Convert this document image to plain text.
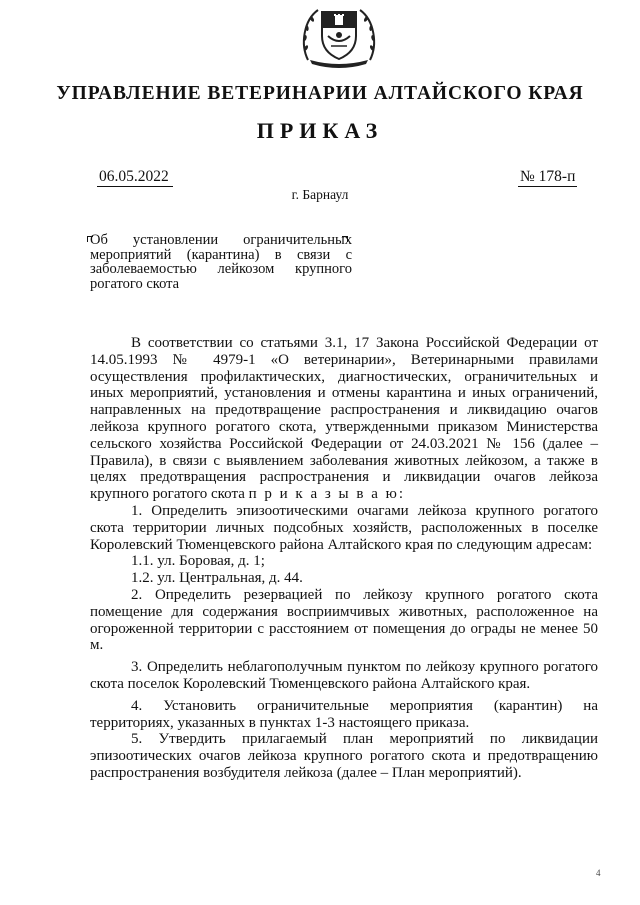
УПРАВЛЕНИЕ ВЕТЕРИНАРИИ АЛТАЙСКОГО КРАЯ
ПРИКАЗ
06.05.2022	№ 178-п
г. Барнаул
Об установлении ограничительных мероприятий (карантина) в связи с заболеваемостью лейкозом крупного рогатого скота

В соответствии со статьями 3.1, 17 Закона Российской Федерации от 14.05.1993 № 4979-1 «О ветеринарии», Ветеринарными правилами осуществления профилактических, диагностических, ограничительных и иных мероприятий, установления и отмены карантина и иных ограничений, направленных на предотвращение распространения и ликвидацию очагов лейкоза крупного рогатого скота, утвержденными приказом Министерства сельского хозяйства Российской Федерации от 24.03.2021 № 156 (далее – Правила), в связи с выявлением заболевания животных лейкозом, а также в целях предотвращения распространения и ликвидации очагов лейкоза крупного рогатого скота п р и к а з ы в а ю:

1. Определить эпизоотическими очагами лейкоза крупного рогатого скота территории личных подсобных хозяйств, расположенных в поселке Королевский Тюменцевского района Алтайского края по следующим адресам:

1.1. ул. Боровая, д. 1;

1.2. ул. Центральная, д. 44.

2. Определить резервацией по лейкозу крупного рогатого скота помещение для содержания восприимчивых животных, расположенное на огороженной территории с расстоянием от помещения до ограды не менее 50 м.

3. Определить неблагополучным пунктом по лейкозу крупного рогатого скота поселок Королевский Тюменцевского района Алтайского края.

4. Установить ограничительные мероприятия (карантин) на территориях, указанных в пунктах 1-3 настоящего приказа.

5. Утвердить прилагаемый план мероприятий по ликвидации эпизоотических очагов лейкоза крупного рогатого скота и предотвращению распространения возбудителя лейкоза (далее – План мероприятий).

4
